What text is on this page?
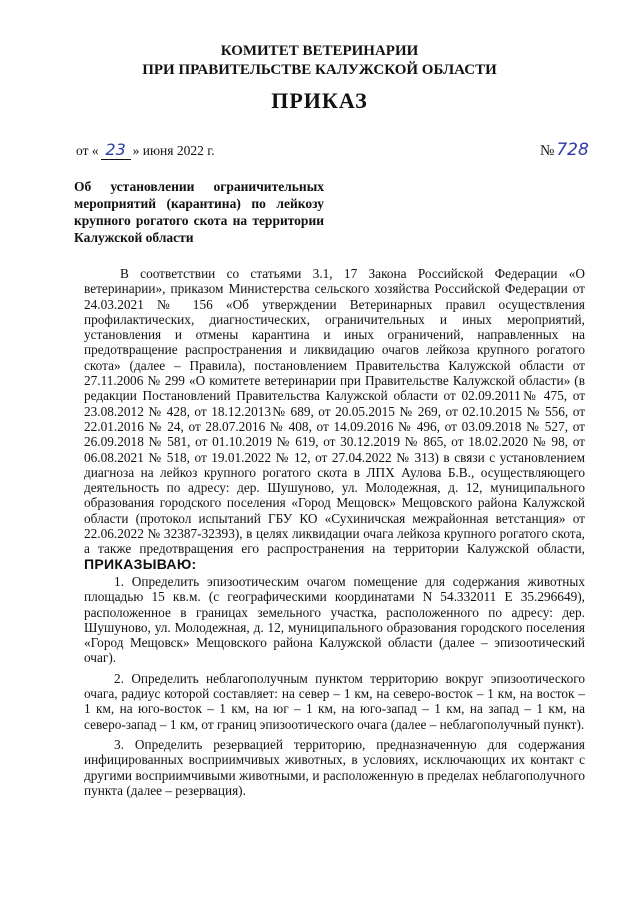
КОМИТЕТ ВЕТЕРИНАРИИ
ПРИ ПРАВИТЕЛЬСТВЕ КАЛУЖСКОЙ ОБЛАСТИ
ПРИКАЗ
от « 23 » июня 2022 г.	№ 728
Об установлении ограничительных мероприятий (карантина) по лейкозу крупного рогатого скота на территории Калужской области

В соответствии со статьями 3.1, 17 Закона Российской Федерации «О ветеринарии», приказом Министерства сельского хозяйства Российской Федерации от 24.03.2021 № 156 «Об утверждении Ветеринарных правил осуществления профилактических, диагностических, ограничительных и иных мероприятий, установления и отмены карантина и иных ограничений, направленных на предотвращение распространения и ликвидацию очагов лейкоза крупного рогатого скота» (далее – Правила), постановлением Правительства Калужской области от 27.11.2006 № 299 «О комитете ветеринарии при Правительстве Калужской области» (в редакции Постановлений Правительства Калужской области от 02.09.2011№ 475, от 23.08.2012 № 428, от 18.12.2013№ 689, от 20.05.2015 № 269, от 02.10.2015 № 556, от 22.01.2016 № 24, от 28.07.2016 № 408, от 14.09.2016 № 496, от 03.09.2018 № 527, от 26.09.2018 № 581, от 01.10.2019 № 619, от 30.12.2019 № 865, от 18.02.2020 № 98, от 06.08.2021 № 518, от 19.01.2022 № 12, от 27.04.2022 № 313) в связи с установлением диагноза на лейкоз крупного рогатого скота в ЛПХ Аулова Б.В., осуществляющего деятельность по адресу: дер. Шушуново, ул. Молодежная, д. 12, муниципального образования городского поселения «Город Мещовск» Мещовского района Калужской области (протокол испытаний ГБУ КО «Сухиничская межрайонная ветстанция» от 22.06.2022 № 32387-32393), в целях ликвидации очага лейкоза крупного рогатого скота, а также предотвращения его распространения на территории Калужской области, ПРИКАЗЫВАЮ:

1. Определить эпизоотическим очагом помещение для содержания животных площадью 15 кв.м. (с географическими координатами N 54.332011 E 35.296649), расположенное в границах земельного участка, расположенного по адресу: дер. Шушуново, ул. Молодежная, д. 12, муниципального образования городского поселения «Город Мещовск» Мещовского района Калужской области (далее – эпизоотический очаг).

2. Определить неблагополучным пунктом территорию вокруг эпизоотического очага, радиус которой составляет: на север – 1 км, на северо-восток – 1 км, на восток – 1 км, на юго-восток – 1 км, на юг – 1 км, на юго-запад – 1 км, на запад – 1 км, на северо-запад – 1 км, от границ эпизоотического очага (далее – неблагополучный пункт).

3. Определить резервацией территорию, предназначенную для содержания инфицированных восприимчивых животных, в условиях, исключающих их контакт с другими восприимчивыми животными, и расположенную в пределах неблагополучного пункта (далее – резервация).
